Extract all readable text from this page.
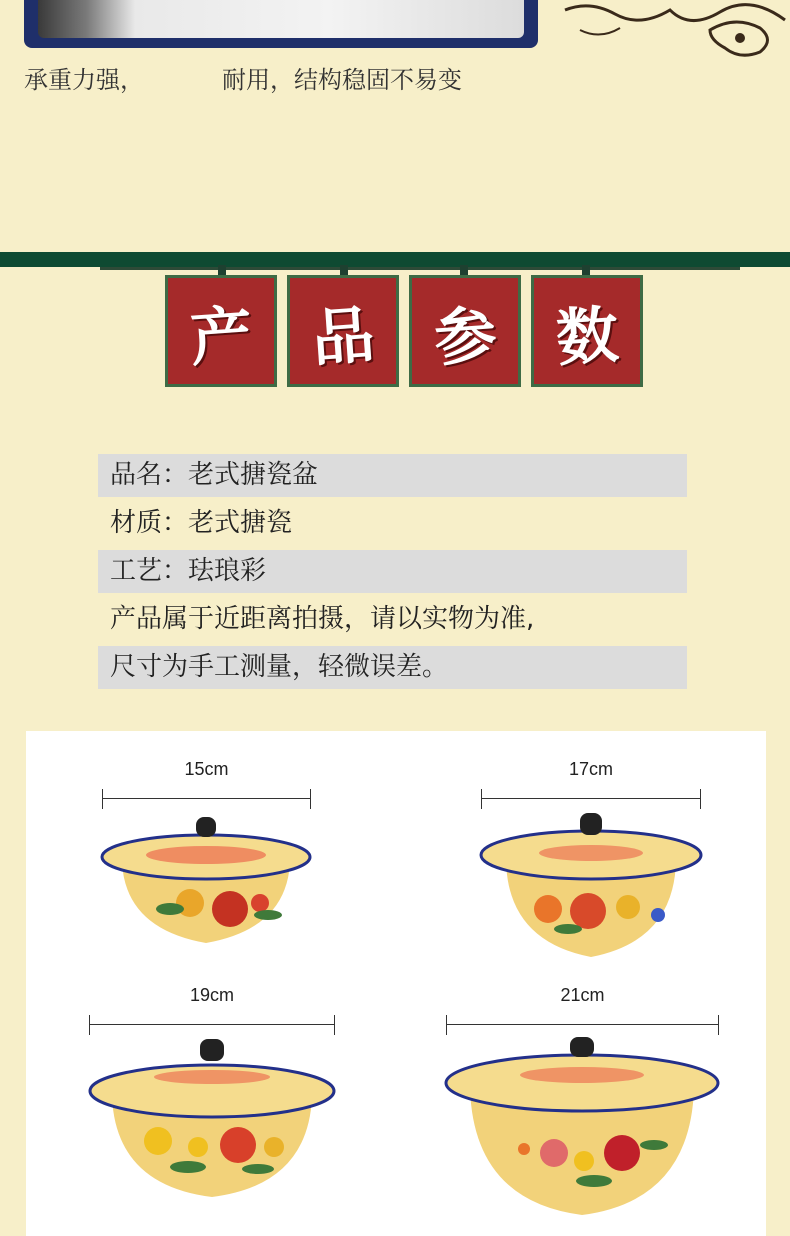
承重力强，	耐用，结构稳固不易变
产 品 参 数
品名：老式搪瓷盆
材质：老式搪瓷
工艺：珐琅彩
产品属于近距离拍摄，请以实物为准,
尺寸为手工测量，轻微误差。
15cm	17cm
19cm	21cm
